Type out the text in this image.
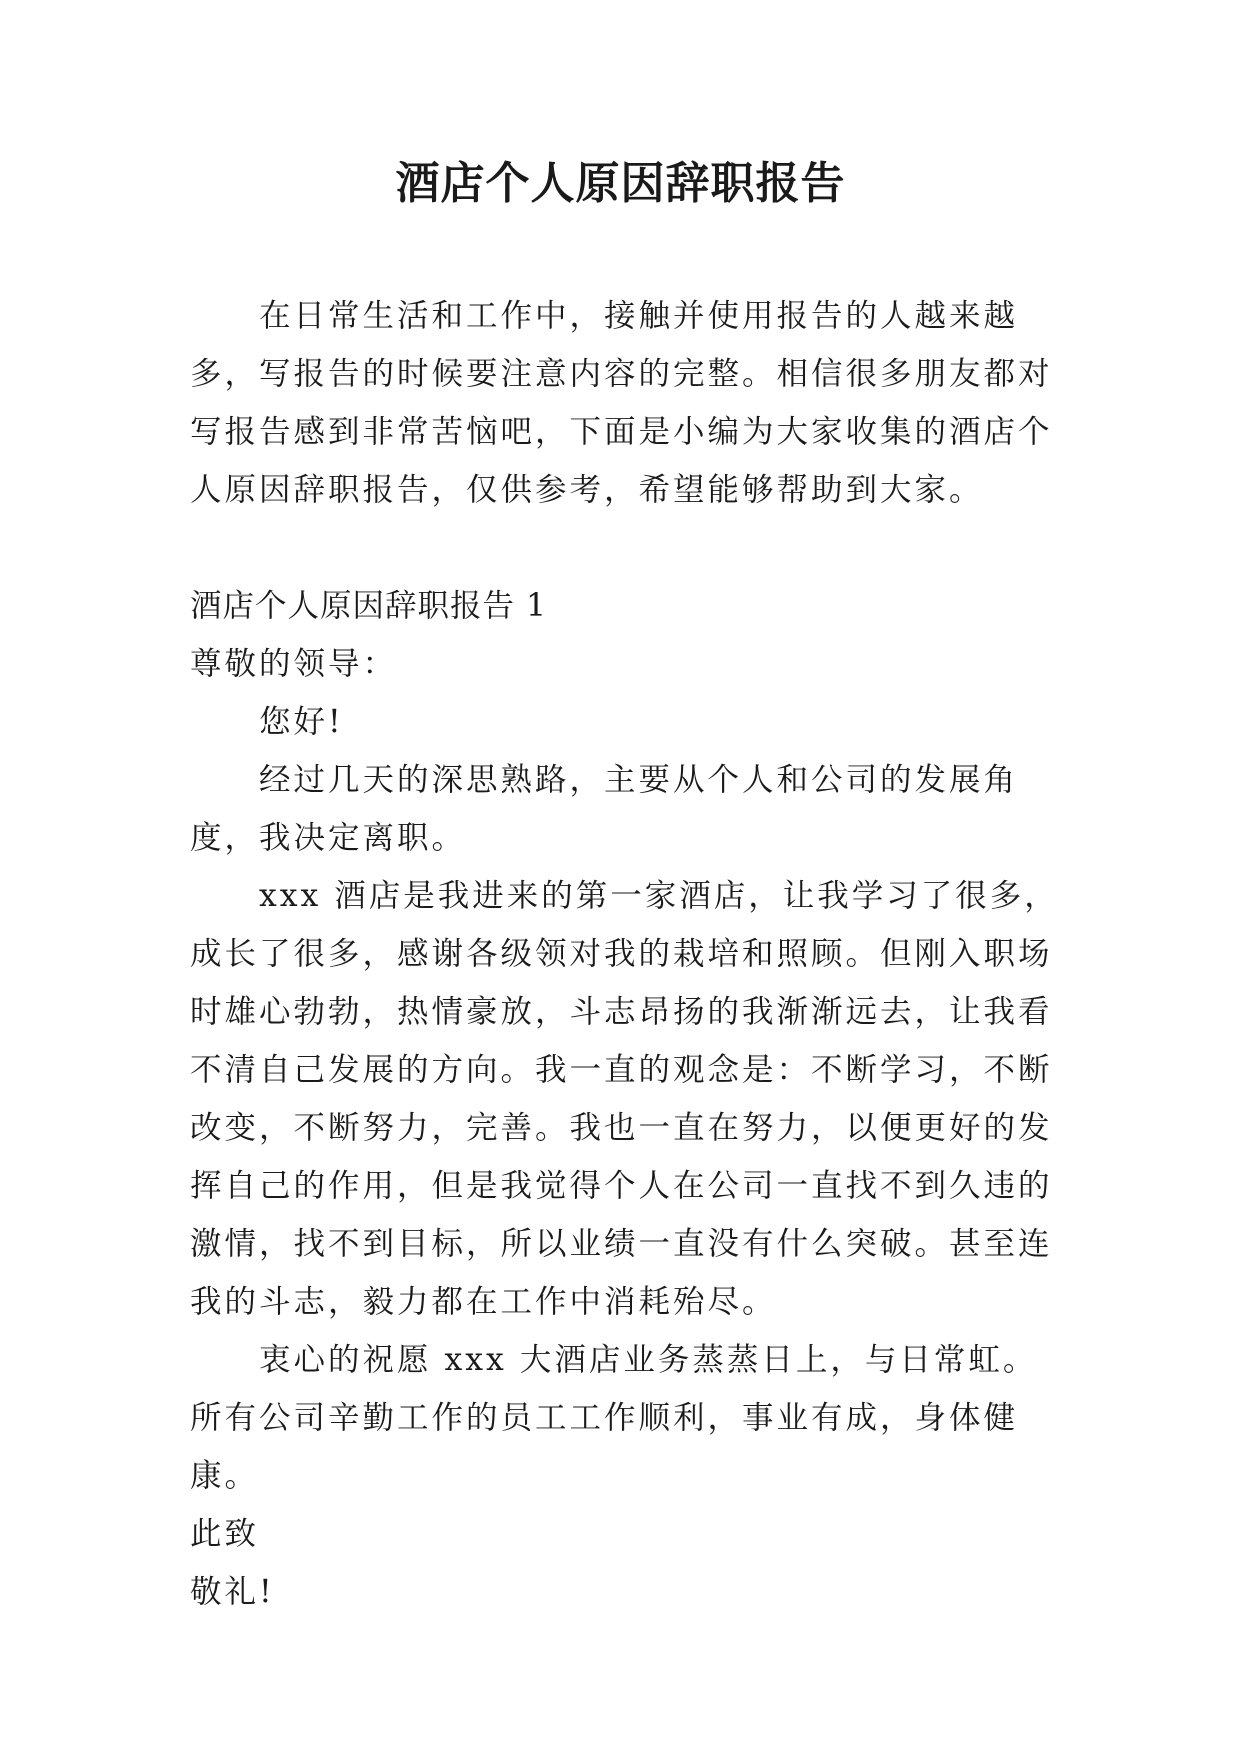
酒店个人原因辞职报告

在日常生活和工作中，接触并使用报告的人越来越多，写报告的时候要注意内容的完整。相信很多朋友都对写报告感到非常苦恼吧，下面是小编为大家收集的酒店个人原因辞职报告，仅供参考，希望能够帮助到大家。

酒店个人原因辞职报告 1

尊敬的领导：

您好!

经过几天的深思熟路，主要从个人和公司的发展角度，我决定离职。

xxx 酒店是我进来的第一家酒店，让我学习了很多，成长了很多，感谢各级领对我的栽培和照顾。但刚入职场时雄心勃勃，热情豪放，斗志昂扬的我渐渐远去，让我看不清自己发展的方向。我一直的观念是：不断学习，不断改变，不断努力，完善。我也一直在努力，以便更好的发挥自己的作用，但是我觉得个人在公司一直找不到久违的激情，找不到目标，所以业绩一直没有什么突破。甚至连我的斗志，毅力都在工作中消耗殆尽。

衷心的祝愿 xxx 大酒店业务蒸蒸日上，与日常虹。所有公司辛勤工作的员工工作顺利，事业有成，身体健康。

此致

敬礼!
